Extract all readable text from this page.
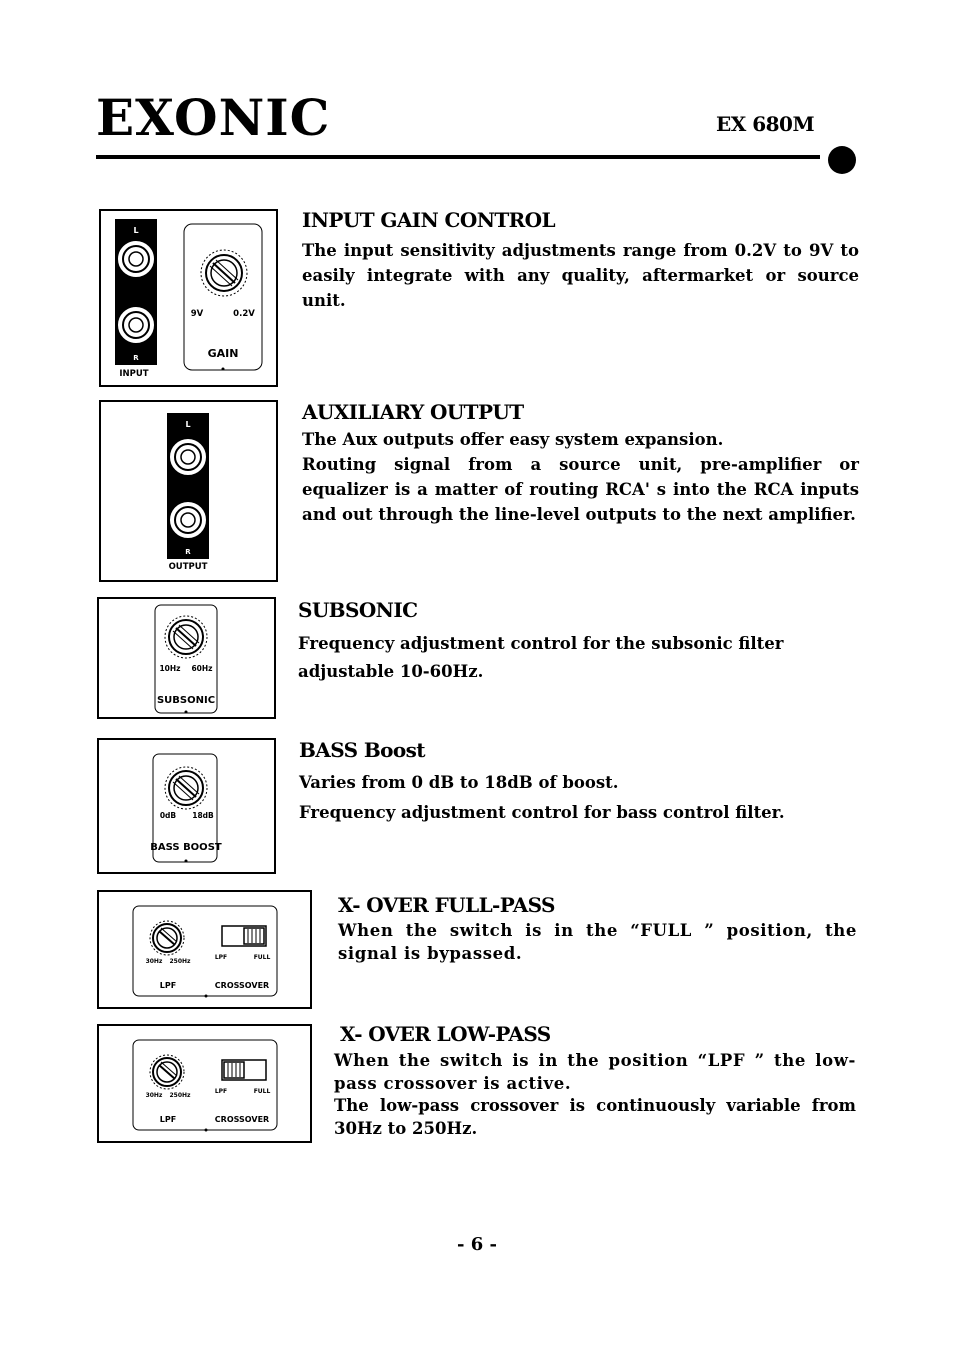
EXONIC	EX 680M
L
R
INPUT
9V	0.2V
GAIN
INPUT GAIN CONTROL

The input sensitivity adjustments range from 0.2V to 9V to easily integrate with any quality, aftermarket or source unit.

L
R
OUTPUT
AUXILIARY OUTPUT

The Aux outputs offer easy system expansion.

Routing signal from a source unit, pre-amplifier or equalizer is a matter of routing RCA' s into the RCA inputs and out through the line-level outputs to the next amplifier.

10Hz 60Hz
SUBSONIC
SUBSONIC

Frequency adjustment control for the subsonic filter adjustable 10-60Hz.

0dB 18dB
BASS BOOST
BASS Boost

Varies from 0 dB to 18dB of boost.

Frequency adjustment control for bass control filter.

30Hz 250Hz
LPF
LPF	FULL
CROSSOVER
X- OVER FULL-PASS

When the switch is in the “FULL ” position, the signal is bypassed.

30Hz 250Hz
LPF
LPF	FULL
CROSSOVER
X- OVER LOW-PASS

When the switch is in the position “LPF ” the low-pass crossover is active.

The low-pass crossover is continuously variable from 30Hz to 250Hz.

- 6 -
